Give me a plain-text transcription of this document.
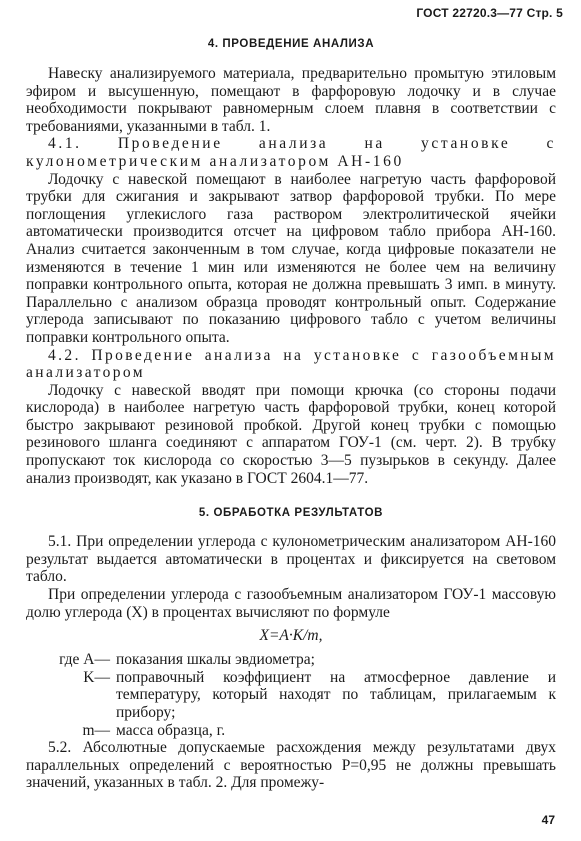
ГОСТ 22720.3—77 Стр. 5
4. ПРОВЕДЕНИЕ АНАЛИЗА

Навеску анализируемого материала, предварительно промытую этиловым эфиром и высушенную, помещают в фарфоровую лодочку и в случае необходимости покрывают равномерным слоем плавня в соответствии с требованиями, указанными в табл. 1.

4.1. Проведение анализа на установке с кулонометрическим анализатором АН-160

Лодочку с навеской помещают в наиболее нагретую часть фарфоровой трубки для сжигания и закрывают затвор фарфоровой трубки. По мере поглощения углекислого газа раствором электролитической ячейки автоматически производится отсчет на цифровом табло прибора АН-160. Анализ считается законченным в том случае, когда цифровые показатели не изменяются в течение 1 мин или изменяются не более чем на величину поправки контрольного опыта, которая не должна превышать 3 имп. в минуту. Параллельно с анализом образца проводят контрольный опыт. Содержание углерода записывают по показанию цифрового табло с учетом величины поправки контрольного опыта.

4.2. Проведение анализа на установке с газообъемным анализатором

Лодочку с навеской вводят при помощи крючка (со стороны подачи кислорода) в наиболее нагретую часть фарфоровой трубки, конец которой быстро закрывают резиновой пробкой. Другой конец трубки с помощью резинового шланга соединяют с аппаратом ГОУ-1 (см. черт. 2). В трубку пропускают ток кислорода со скоростью 3—5 пузырьков в секунду. Далее анализ производят, как указано в ГОСТ 2604.1—77.

5. ОБРАБОТКА РЕЗУЛЬТАТОВ

5.1. При определении углерода с кулонометрическим анализатором АН-160 результат выдается автоматически в процентах и фиксируется на световом табло.

При определении углерода с газообъемным анализатором ГОУ-1 массовую долю углерода (X) в процентах вычисляют по формуле

X=A·K/m,
где A— показания шкалы эвдиометра;
K— поправочный коэффициент на атмосферное давление и температуру, который находят по таблицам, прилагаемым к прибору;
m— масса образца, г.

5.2. Абсолютные допускаемые расхождения между результатами двух параллельных определений с вероятностью P=0,95 не должны превышать значений, указанных в табл. 2. Для промежу-

47
